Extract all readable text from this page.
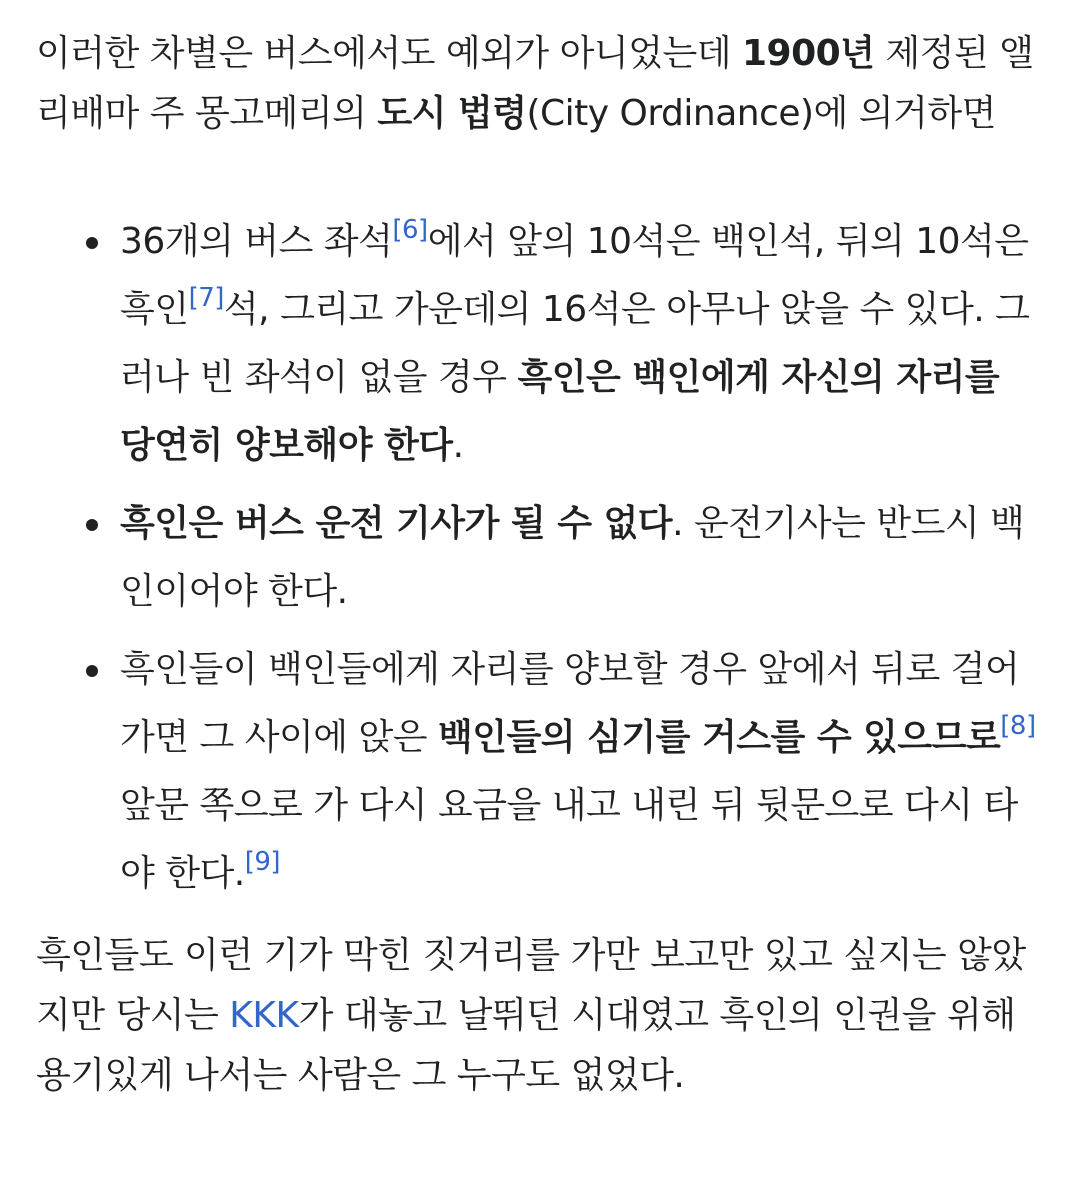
이러한 차별은 버스에서도 예외가 아니었는데 1900년 제정된 앨리배마 주 몽고메리의 도시 법령(City Ordinance)에 의거하면

36개의 버스 좌석[6]에서 앞의 10석은 백인석, 뒤의 10석은 흑인[7]석, 그리고 가운데의 16석은 아무나 앉을 수 있다. 그러나 빈 좌석이 없을 경우 흑인은 백인에게 자신의 자리를 당연히 양보해야 한다.
흑인은 버스 운전 기사가 될 수 없다. 운전기사는 반드시 백인이어야 한다.
흑인들이 백인들에게 자리를 양보할 경우 앞에서 뒤로 걸어가면 그 사이에 앉은 백인들의 심기를 거스를 수 있으므로[8] 앞문 쪽으로 가 다시 요금을 내고 내린 뒤 뒷문으로 다시 타야 한다.[9]

흑인들도 이런 기가 막힌 짓거리를 가만 보고만 있고 싶지는 않았지만 당시는 KKK가 대놓고 날뛰던 시대였고 흑인의 인권을 위해 용기있게 나서는 사람은 그 누구도 없었다.
